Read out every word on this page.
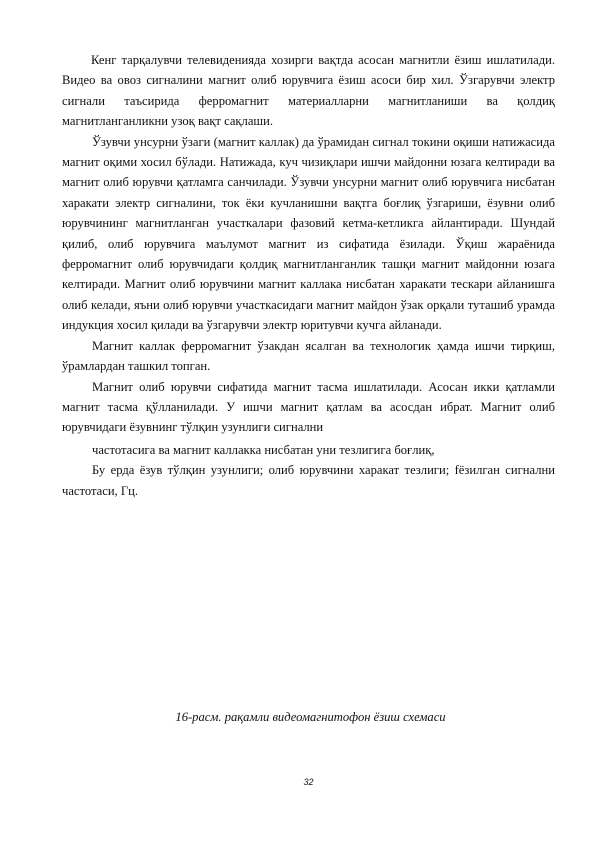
Кенг тарқалувчи телевиденияда хозирги вақтда асосан магнитли ёзиш ишлатилади. Видео ва овоз сигналини магнит олиб юрувчига ёзиш асоси бир хил. Ўзгарувчи электр сигнали таъсирида ферромагнит материалларни магнитланиши ва қолдиқ магнитланганликни узоқ вақт сақлаши.

Ўзувчи унсурни ўзаги (магнит каллак) да ўрамидан сигнал токини оқиши натижасида магнит оқими хосил бўлади. Натижада, куч чизиқлари ишчи майдонни юзага келтиради ва магнит олиб юрувчи қатламга санчилади. Ўзувчи унсурни магнит олиб юрувчига нисбатан харакати электр сигналини, ток ёки кучланишни вақтга боғлиқ ўзгариши, ёзувни олиб юрувчининг магнитланган участкалари фазовий кетма-кетликга айлантиради. Шундай қилиб, олиб юрувчига маълумот магнит из сифатида ёзилади. Ўқиш жараёнида ферромагнит олиб юрувчидаги қолдиқ магнитланганлик ташқи магнит майдонни юзага келтиради. Магнит олиб юрувчини магнит каллака нисбатан харакати тескари айланишга олиб келади, яъни олиб юрувчи участкасидаги магнит майдон ўзак орқали туташиб урамда индукция хосил қилади ва ўзгарувчи электр юритувчи кучга айланади.

Магнит каллак ферромагнит ўзакдан ясалган ва технологик ҳамда ишчи тирқиш, ўрамлардан ташкил топган.

Магнит олиб юрувчи сифатида магнит тасма ишлатилади. Асосан икки қатламли магнит тасма қўлланилади. У ишчи магнит қатлам ва асосдан ибрат. Магнит олиб юрувчидаги ёзувнинг тўлқин узунлиги сигнални

частотасига ва магнит каллакка нисбатан уни тезлигига боғлиқ,

Бу ерда ёзув тўлқин узунлиги; олиб юрувчини харакат тезлиги; fёзилган сигнални частотаси, Гц.

16-расм. рақамли видеомагнитофон ёзиш схемаси
32
